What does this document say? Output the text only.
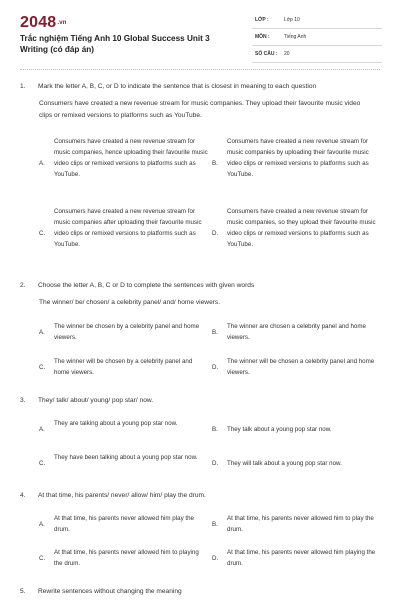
2048.vn
Trắc nghiệm Tiếng Anh 10 Global Success Unit 3 Writing (có đáp án)
LỚP :	Lớp 10
MÔN :	Tiếng Anh
SỐ CÂU : 20
1. Mark the letter A, B, C, or D to indicate the sentence that is closest in meaning to each question
Consumers have created a new revenue stream for music companies. They upload their favourite music video clips or remixed versions to platforms such as YouTube.
A.
Consumers have created a new revenue stream for music companies, hence uploading their favourite music video clips or remixed versions to platforms such as YouTube.
B.
Consumers have created a new revenue stream for music companies by uploading their favourite music video clips or remixed versions to platforms such as YouTube.
C.
Consumers have created a new revenue stream for music companies after uploading their favourite music video clips or remixed versions to platforms such as YouTube.
D.
Consumers have created a new revenue stream for music companies, so they upload their favourite music video clips or remixed versions to platforms such as YouTube.
2. Choose the letter A, B, C or D to complete the sentences with given words
The winner/ be/ chosen/ a celebrity panel/ and/ home viewers.
A.
The winner be chosen by a celebrity panel and home viewers.
B.
The winner are chosen a celebrity panel and home viewers.
C.
The winner will be chosen by a celebrity panel and home viewers.
D.
The winner will be chosen a celebrity panel and home viewers.
3. They/ talk/ about/ young/ pop star/ now.
A.
They are talking about a young pop star now.
B. They talk about a young pop star now.
C.
They have been talking about a young pop star now.
D. They will talk about a young pop star now.
4. At that time, his parents/ never/ allow/ him/ play the drum.
A.
At that time, his parents never allowed him play the drum.
B.
At that time, his parents never allowed him to play the drum.
C.
At that time, his parents never allowed him to playing the drum.
D.
At that time, his parents never allowed him playing the drum.
5. Rewrite sentences without changing the meaning
